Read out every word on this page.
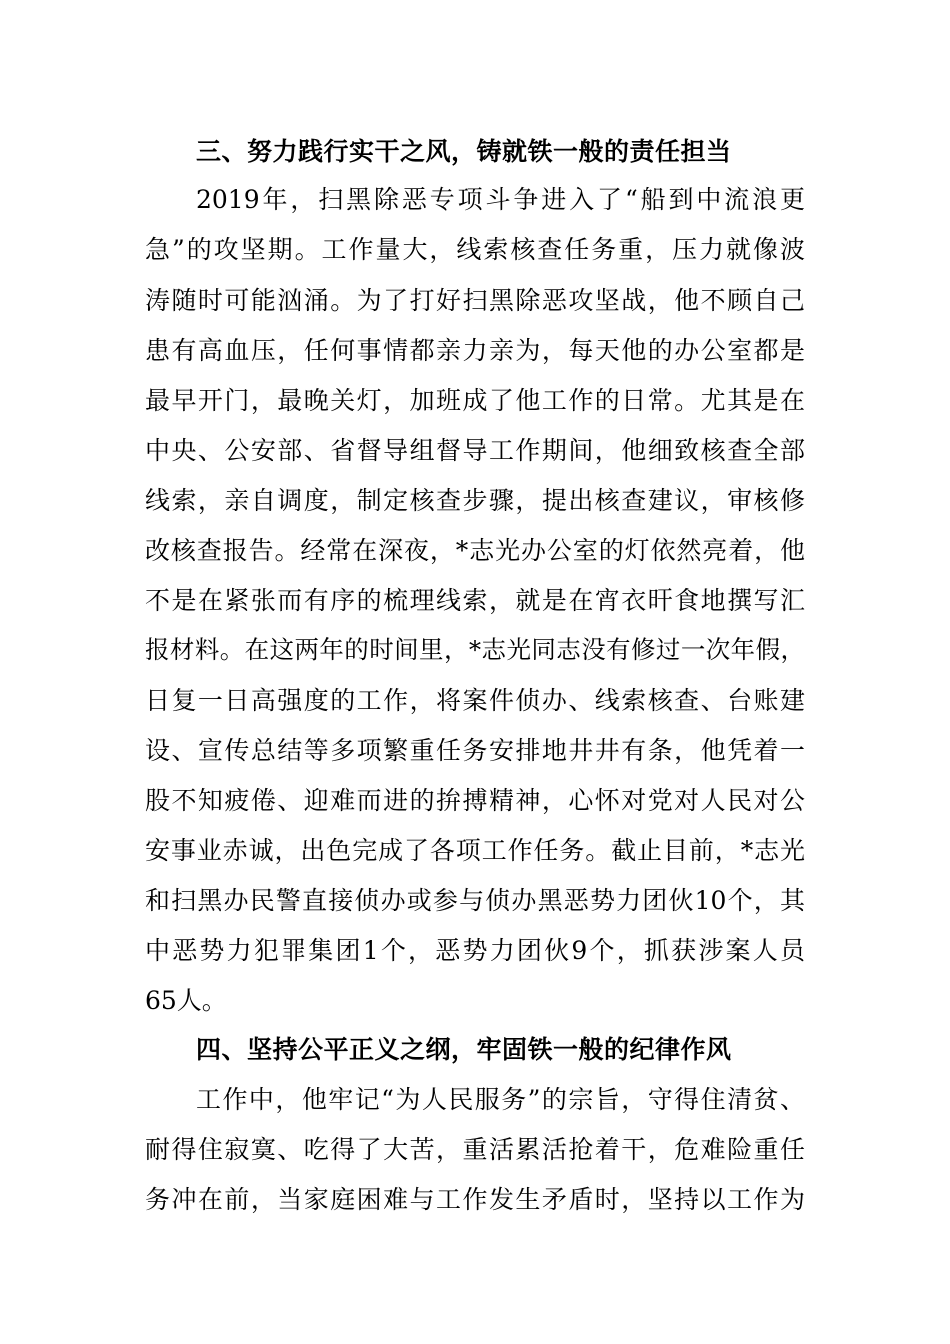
三、努力践行实干之风，铸就铁一般的责任担当
2019年，扫黑除恶专项斗争进入了“船到中流浪更
急”的攻坚期。工作量大，线索核查任务重，压力就像波
涛随时可能汹涌。为了打好扫黑除恶攻坚战，他不顾自己
患有高血压，任何事情都亲力亲为，每天他的办公室都是
最早开门，最晚关灯，加班成了他工作的日常。尤其是在
中央、公安部、省督导组督导工作期间，他细致核查全部
线索，亲自调度，制定核查步骤，提出核查建议，审核修
改核查报告。经常在深夜，*志光办公室的灯依然亮着，他
不是在紧张而有序的梳理线索，就是在宵衣旰食地撰写汇
报材料。在这两年的时间里，*志光同志没有修过一次年假，
日复一日高强度的工作，将案件侦办、线索核查、台账建
设、宣传总结等多项繁重任务安排地井井有条，他凭着一
股不知疲倦、迎难而进的拚搏精神，心怀对党对人民对公
安事业赤诚，出色完成了各项工作任务。截止目前，*志光
和扫黑办民警直接侦办或参与侦办黑恶势力团伙10个，其
中恶势力犯罪集团1个，恶势力团伙9个，抓获涉案人员
65人。
四、坚持公平正义之纲，牢固铁一般的纪律作风
工作中，他牢记“为人民服务”的宗旨，守得住清贫、
耐得住寂寞、吃得了大苦，重活累活抢着干，危难险重任
务冲在前，当家庭困难与工作发生矛盾时，坚持以工作为
